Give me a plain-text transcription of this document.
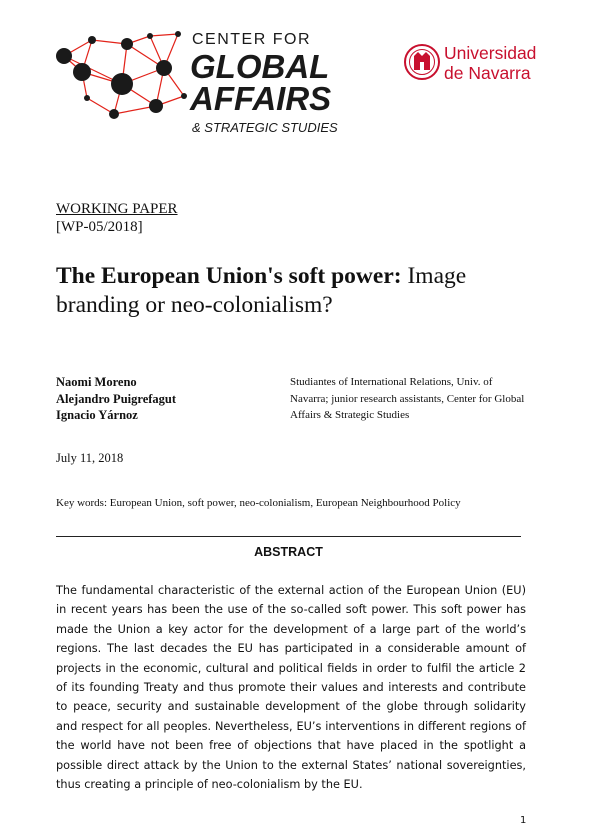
CENTER FOR
GLOBAL
AFFAIRS
& STRATEGIC STUDIES
Universidad
de Navarra
WORKING PAPER
[WP-05/2018]
The European Union's soft power: Image branding or neo-colonialism?
Naomi Moreno
Alejandro Puigrefagut
Ignacio Yárnoz
Studiantes of International Relations, Univ. of Navarra; junior research assistants, Center for Global Affairs & Strategic Studies
July 11, 2018
Key words: European Union, soft power, neo-colonialism, European Neighbourhood Policy
ABSTRACT

The fundamental characteristic of the external action of the European Union (EU) in recent years has been the use of the so-called soft power. This soft power has made the Union a key actor for the development of a large part of the world’s regions. The last decades the EU has participated in a considerable amount of projects in the economic, cultural and political fields in order to fulfil the article 2 of its founding Treaty and thus promote their values and interests and contribute to peace, security and sustainable development of the globe through solidarity and respect for all peoples. Nevertheless, EU’s interventions in different regions of the world have not been free of objections that have placed in the spotlight a possible direct attack by the Union to the external States’ national sovereignties, thus creating a principle of neo-colonialism by the EU.

1
